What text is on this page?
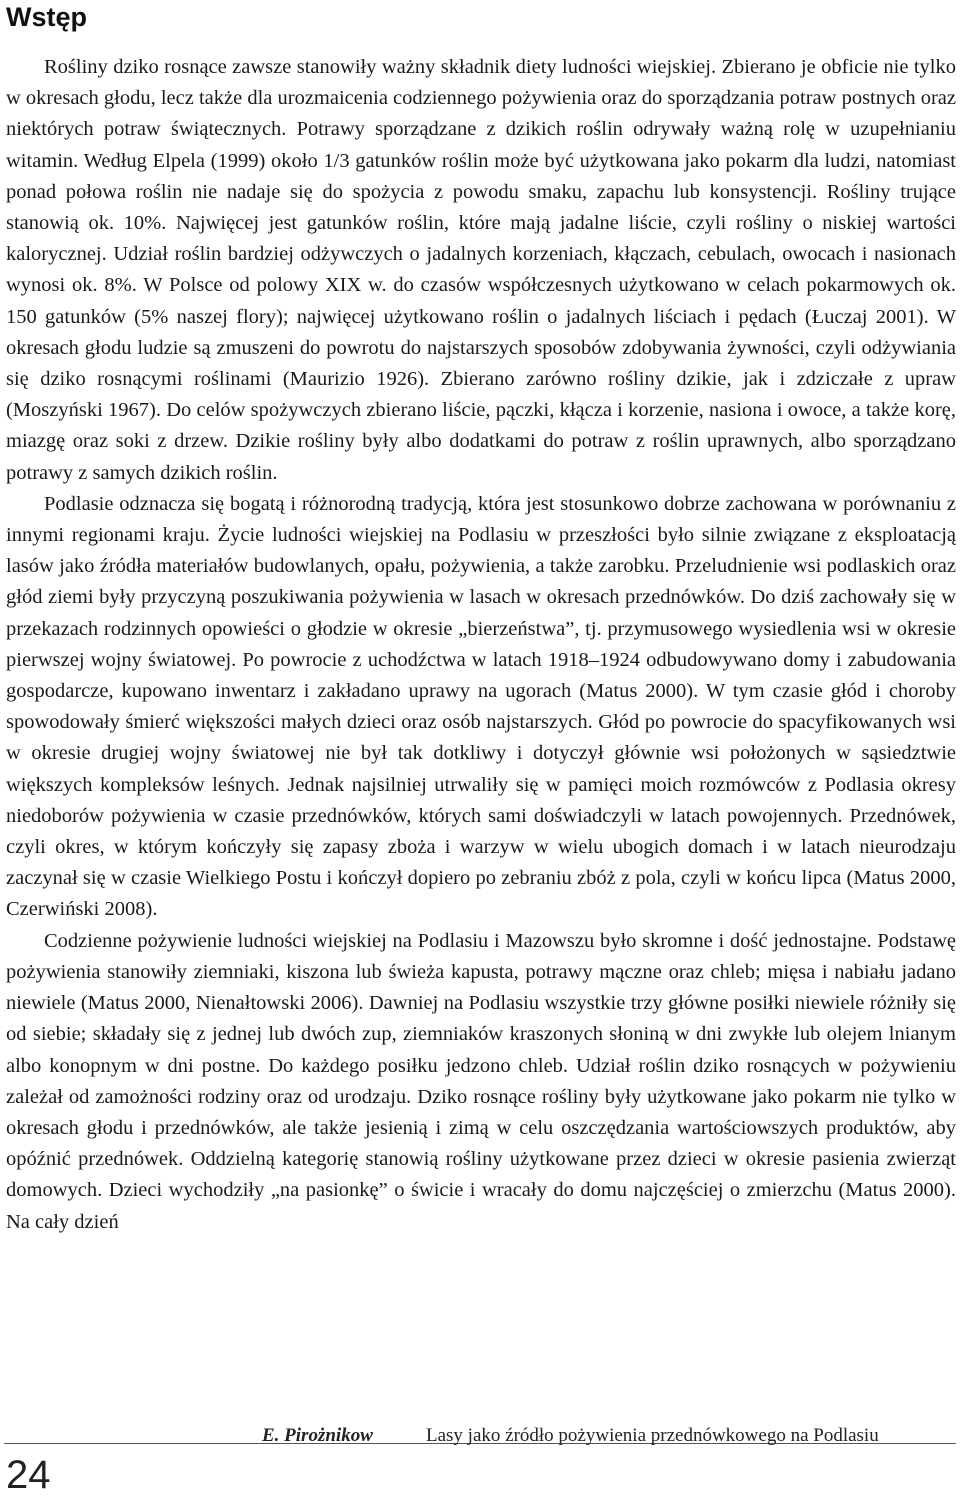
Wstęp

Rośliny dziko rosnące zawsze stanowiły ważny składnik diety ludności wiejskiej. Zbierano je obficie nie tylko w okresach głodu, lecz także dla urozmaicenia codziennego pożywienia oraz do sporządzania potraw postnych oraz niektórych potraw świątecznych. Potrawy sporządzane z dzikich roślin odrywały ważną rolę w uzupełnianiu witamin. Według Elpela (1999) około 1/3 gatunków roślin może być użytkowana jako pokarm dla ludzi, natomiast ponad połowa roślin nie nadaje się do spożycia z powodu smaku, zapachu lub konsystencji. Rośliny trujące stanowią ok. 10%. Najwięcej jest gatunków roślin, które mają jadalne liście, czyli rośliny o niskiej wartości kalorycznej. Udział roślin bardziej odżywczych o jadalnych korzeniach, kłączach, cebulach, owocach i nasionach wynosi ok. 8%. W Polsce od polowy XIX w. do czasów współczesnych użytkowano w celach pokarmowych ok. 150 gatunków (5% naszej flory); najwięcej użytkowano roślin o jadalnych liściach i pędach (Łuczaj 2001). W okresach głodu ludzie są zmuszeni do powrotu do najstarszych sposobów zdobywania żywności, czyli odżywiania się dziko rosnącymi roślinami (Maurizio 1926). Zbierano zarówno rośliny dzikie, jak i zdziczałe z upraw (Moszyński 1967). Do celów spożywczych zbierano liście, pączki, kłącza i korzenie, nasiona i owoce, a także korę, miazgę oraz soki z drzew. Dzikie rośliny były albo dodatkami do potraw z roślin uprawnych, albo sporządzano potrawy z samych dzikich roślin.

Podlasie odznacza się bogatą i różnorodną tradycją, która jest stosunkowo dobrze zachowana w porównaniu z innymi regionami kraju. Życie ludności wiejskiej na Podlasiu w przeszłości było silnie związane z eksploatacją lasów jako źródła materiałów budowlanych, opału, pożywienia, a także zarobku. Przeludnienie wsi podlaskich oraz głód ziemi były przyczyną poszukiwania pożywienia w lasach w okresach przednówków. Do dziś zachowały się w przekazach rodzinnych opowieści o głodzie w okresie „bierzeństwa”, tj. przymusowego wysiedlenia wsi w okresie pierwszej wojny światowej. Po powrocie z uchodźctwa w latach 1918–1924 odbudowywano domy i zabudowania gospodarcze, kupowano inwentarz i zakładano uprawy na ugorach (Matus 2000). W tym czasie głód i choroby spowodowały śmierć większości małych dzieci oraz osób najstarszych. Głód po powrocie do spacyfikowanych wsi w okresie drugiej wojny światowej nie był tak dotkliwy i dotyczył głównie wsi położonych w sąsiedztwie większych kompleksów leśnych. Jednak najsilniej utrwaliły się w pamięci moich rozmówców z Podlasia okresy niedoborów pożywienia w czasie przednówków, których sami doświadczyli w latach powojennych. Przednówek, czyli okres, w którym kończyły się zapasy zboża i warzyw w wielu ubogich domach i w latach nieurodzaju zaczynał się w czasie Wielkiego Postu i kończył dopiero po zebraniu zbóż z pola, czyli w końcu lipca (Matus 2000, Czerwiński 2008).

Codzienne pożywienie ludności wiejskiej na Podlasiu i Mazowszu było skromne i dość jednostajne. Podstawę pożywienia stanowiły ziemniaki, kiszona lub świeża kapusta, potrawy mączne oraz chleb; mięsa i nabiału jadano niewiele (Matus 2000, Nienałtowski 2006). Dawniej na Podlasiu wszystkie trzy główne posiłki niewiele różniły się od siebie; składały się z jednej lub dwóch zup, ziemniaków kraszonych słoniną w dni zwykłe lub olejem lnianym albo konopnym w dni postne. Do każdego posiłku jedzono chleb. Udział roślin dziko rosnących w pożywieniu zależał od zamożności rodziny oraz od urodzaju. Dziko rosnące rośliny były użytkowane jako pokarm nie tylko w okresach głodu i przednówków, ale także jesienią i zimą w celu oszczędzania wartościowszych produktów, aby opóźnić przednówek. Oddzielną kategorię stanowią rośliny użytkowane przez dzieci w okresie pasienia zwierząt domowych. Dzieci wychodziły „na pasionkę” o świcie i wracały do domu najczęściej o zmierzchu (Matus 2000). Na cały dzień

24
E. Pirożnikow	Lasy jako źródło pożywienia przednówkowego na Podlasiu
